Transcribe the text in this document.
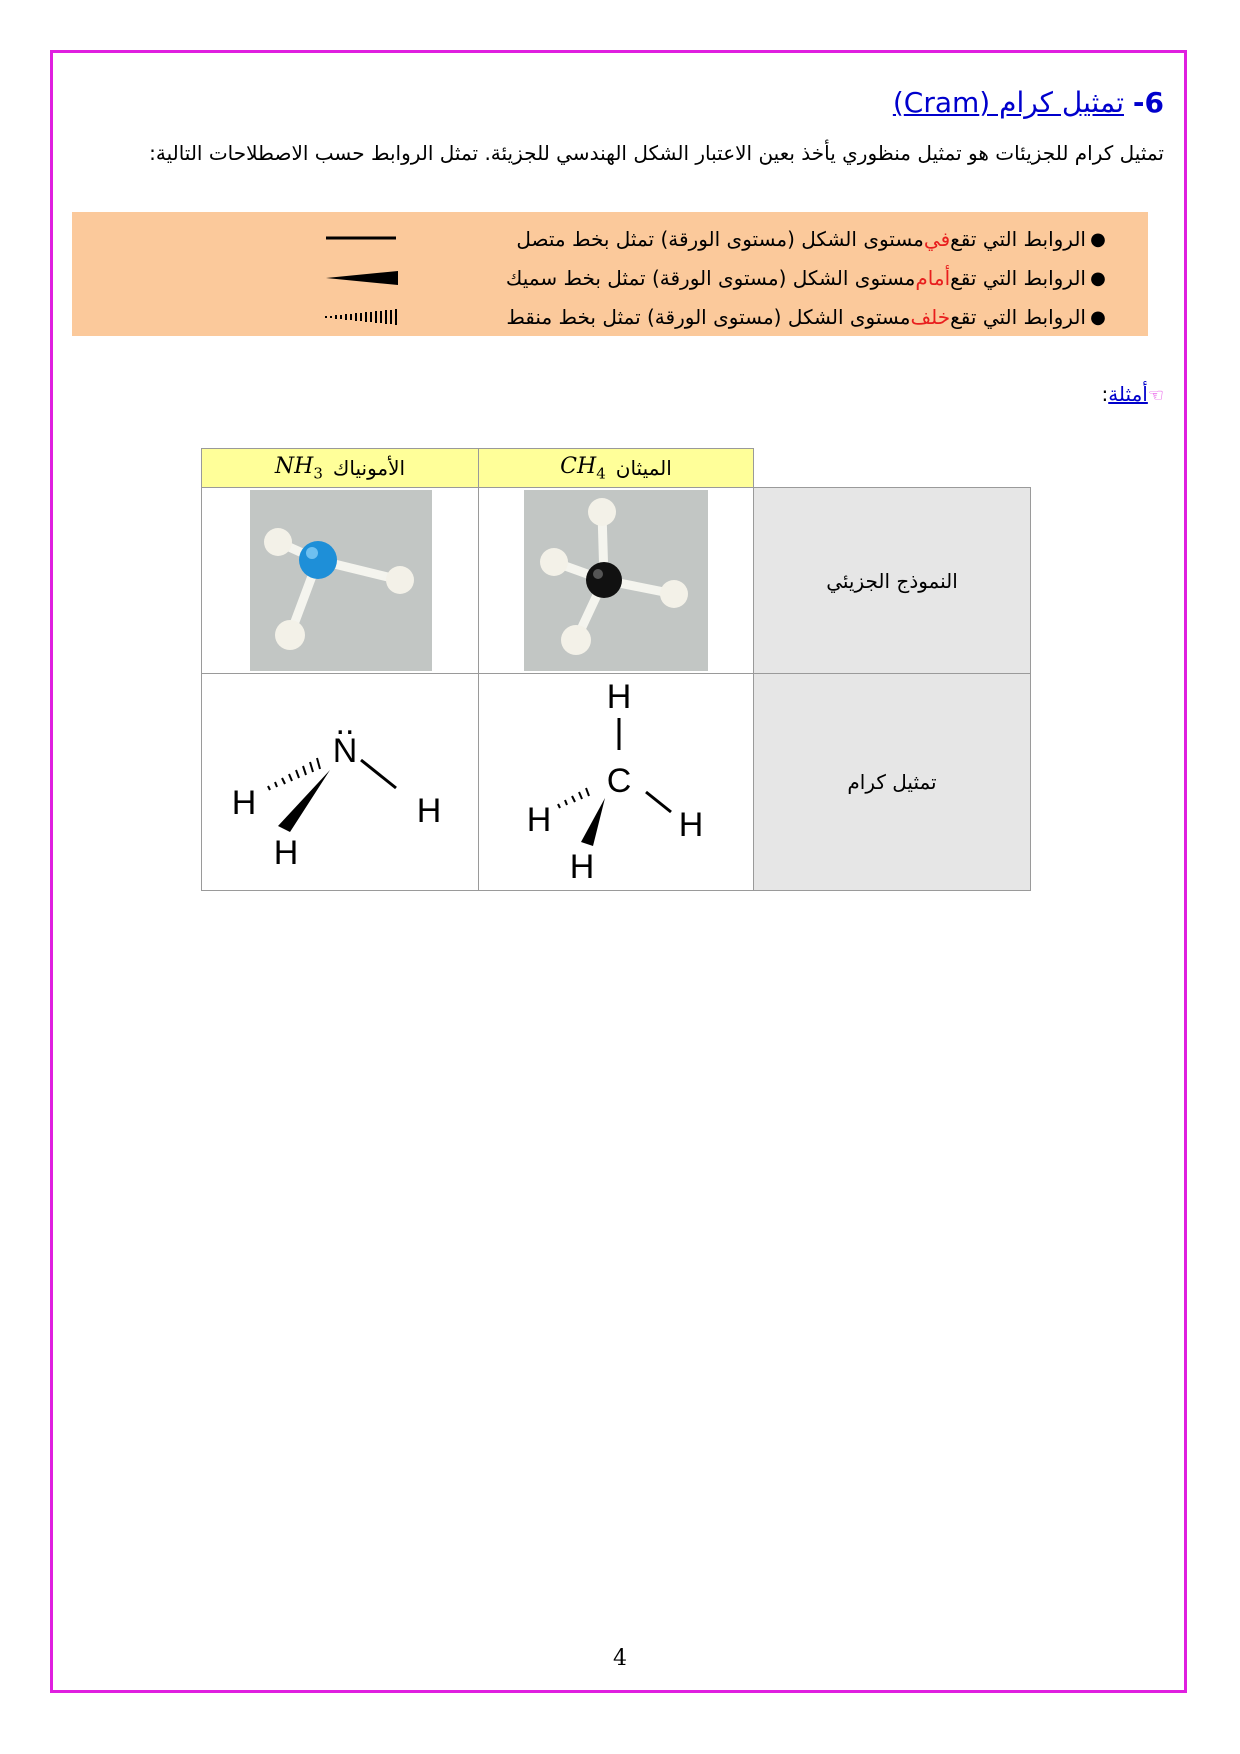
6- تمثيل كرام (Cram)
تمثيل كرام للجزيئات هو تمثيل منظوري يأخذ بعين الاعتبار الشكل الهندسي للجزيئة. تمثل الروابط حسب الاصطلاحات التالية:
●
الروابط التي تقع
في
مستوى الشكل (مستوى الورقة) تمثل بخط متصل
●
الروابط التي تقع
أمام
مستوى الشكل (مستوى الورقة) تمثل بخط سميك
●
الروابط التي تقع
خلف
مستوى الشكل (مستوى الورقة) تمثل بخط منقط
☜أمثلة:
الميثان
$CH_4$
الأمونياك
$NH_3$
النموذج الجزيئي
تمثيل كرام
H
C
H
H
H
..
N
H
H
H
4
